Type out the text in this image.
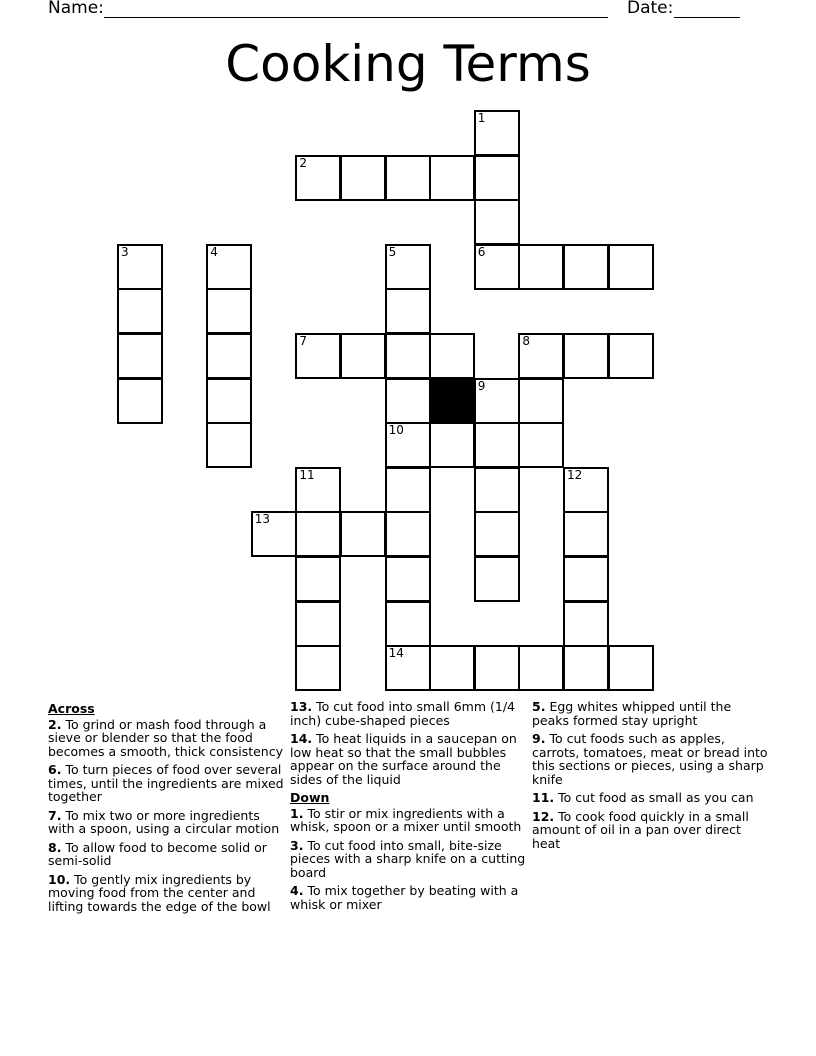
Name:	Date:
Cooking Terms
1
2
3	4	5	6
7	8
9
10
11	12
13
14
Across
2. To grind or mash food through a sieve or blender so that the food becomes a smooth, thick consistency
6. To turn pieces of food over several times, until the ingredients are mixed together
7. To mix two or more ingredients with a spoon, using a circular motion
8. To allow food to become solid or semi-solid
10. To gently mix ingredients by moving food from the center and lifting towards the edge of the bowl
13. To cut food into small 6mm (1/4 inch) cube-shaped pieces
14. To heat liquids in a saucepan on low heat so that the small bubbles appear on the surface around the sides of the liquid
Down
1. To stir or mix ingredients with a whisk, spoon or a mixer until smooth
3. To cut food into small, bite-size pieces with a sharp knife on a cutting board
4. To mix together by beating with a whisk or mixer
5. Egg whites whipped until the peaks formed stay upright
9. To cut foods such as apples, carrots, tomatoes, meat or bread into this sections or pieces, using a sharp knife
11. To cut food as small as you can
12. To cook food quickly in a small amount of oil in a pan over direct heat
